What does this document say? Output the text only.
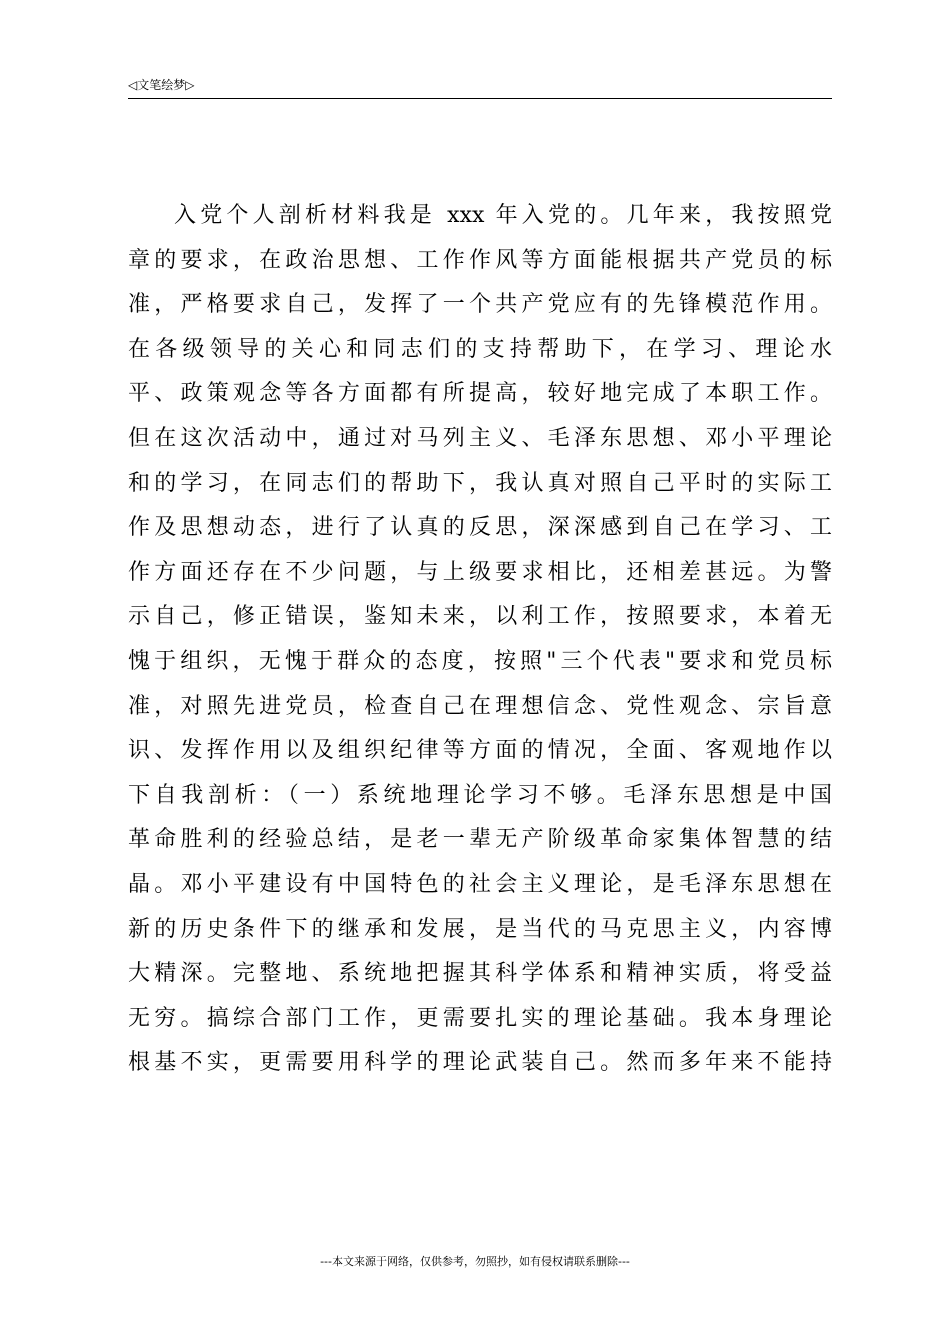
◁文笔绘梦▷
入党个人剖析材料我是 xxx 年入党的。几年来，我按照党
章的要求，在政治思想、工作作风等方面能根据共产党员的标
准，严格要求自己，发挥了一个共产党应有的先锋模范作用。
在各级领导的关心和同志们的支持帮助下，在学习、理论水
平、政策观念等各方面都有所提高，较好地完成了本职工作。
但在这次活动中，通过对马列主义、毛泽东思想、邓小平理论
和的学习，在同志们的帮助下，我认真对照自己平时的实际工
作及思想动态，进行了认真的反思，深深感到自己在学习、工
作方面还存在不少问题，与上级要求相比，还相差甚远。为警
示自己，修正错误，鉴知未来，以利工作，按照要求，本着无
愧于组织，无愧于群众的态度，按照"三个代表"要求和党员标
准，对照先进党员，检查自己在理想信念、党性观念、宗旨意
识、发挥作用以及组织纪律等方面的情况，全面、客观地作以
下自我剖析：（一）系统地理论学习不够。毛泽东思想是中国
革命胜利的经验总结，是老一辈无产阶级革命家集体智慧的结
晶。邓小平建设有中国特色的社会主义理论，是毛泽东思想在
新的历史条件下的继承和发展，是当代的马克思主义，内容博
大精深。完整地、系统地把握其科学体系和精神实质，将受益
无穷。搞综合部门工作，更需要扎实的理论基础。我本身理论
根基不实，更需要用科学的理论武装自己。然而多年来不能持
---本文来源于网络，仅供参考，勿照抄，如有侵权请联系删除---
